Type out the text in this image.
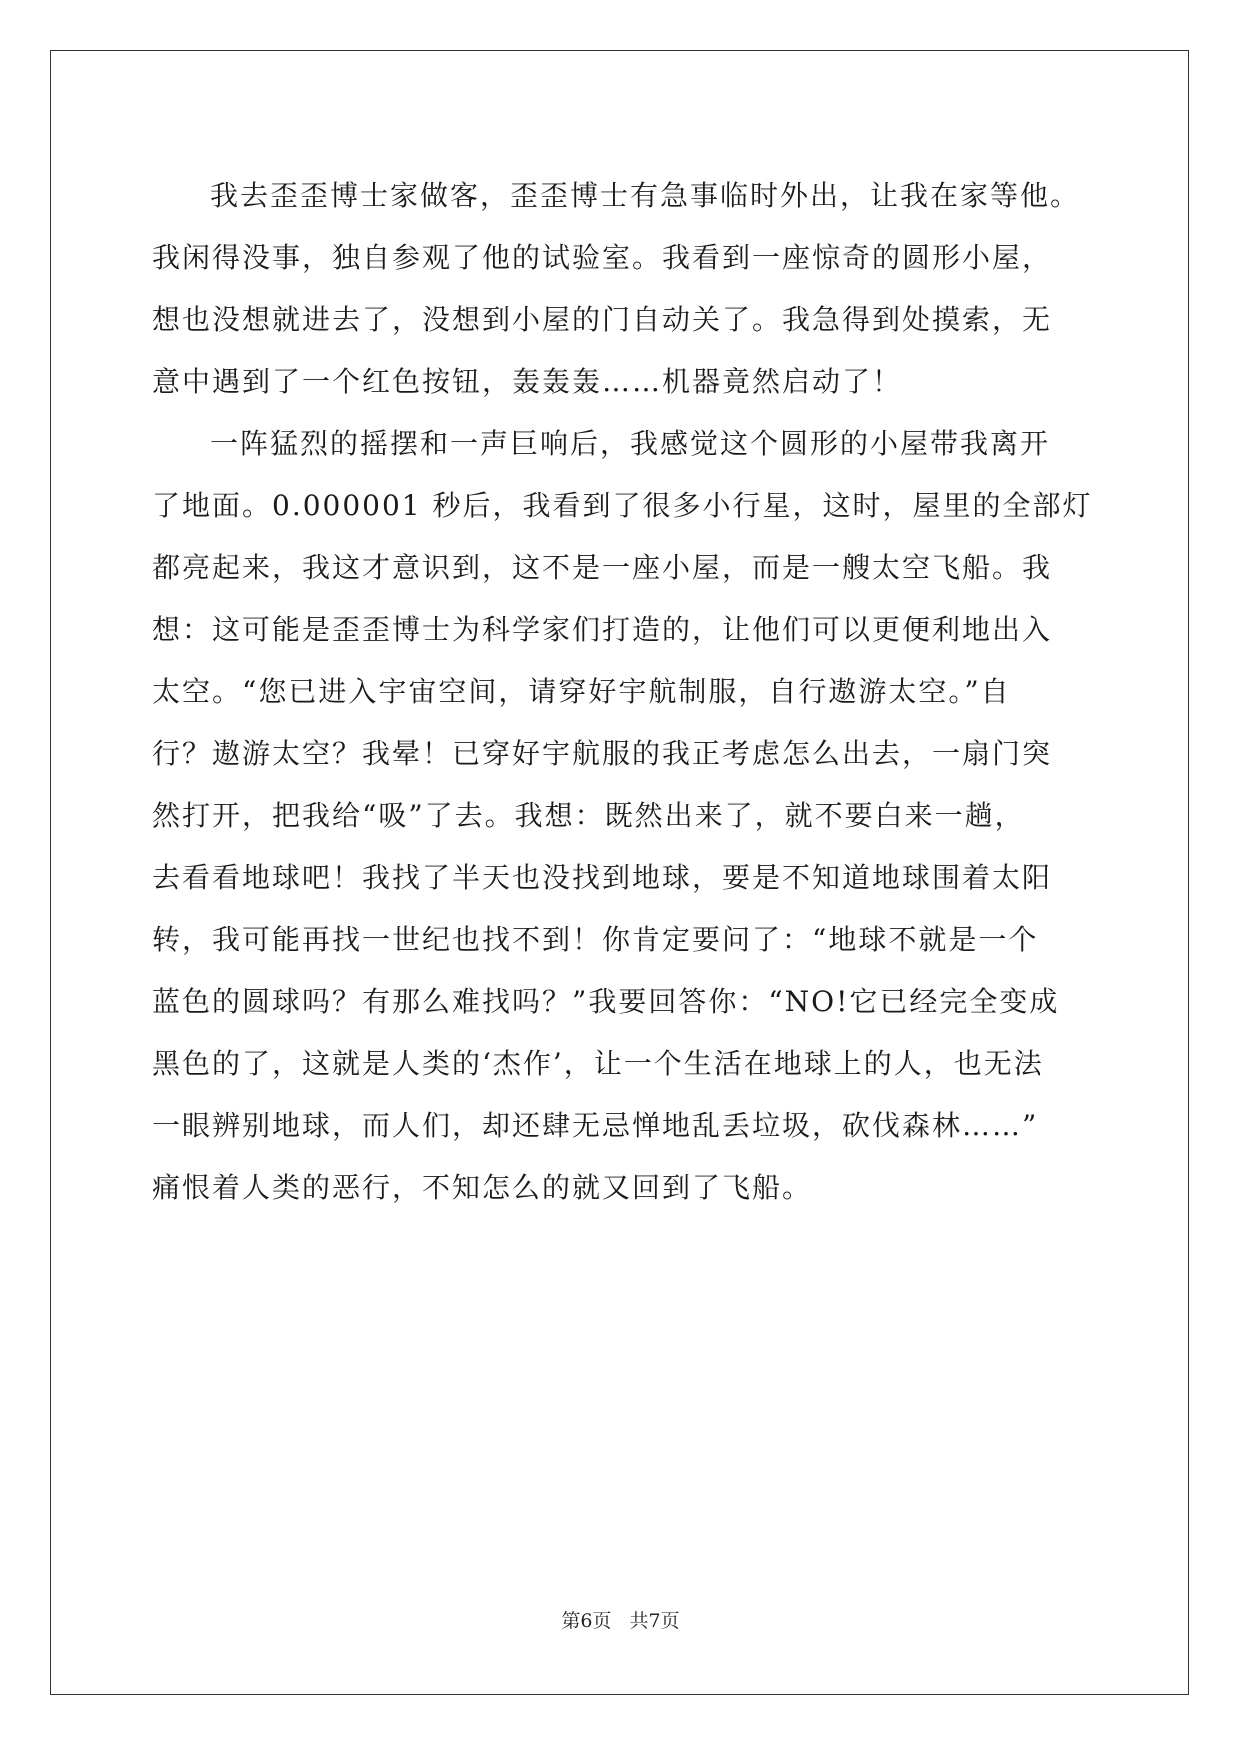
我去歪歪博士家做客，歪歪博士有急事临时外出，让我在家等他。
我闲得没事，独自参观了他的试验室。我看到一座惊奇的圆形小屋，
想也没想就进去了，没想到小屋的门自动关了。我急得到处摸索，无
意中遇到了一个红色按钮，轰轰轰……机器竟然启动了！
一阵猛烈的摇摆和一声巨响后，我感觉这个圆形的小屋带我离开
了地面。0.000001 秒后，我看到了很多小行星，这时，屋里的全部灯
都亮起来，我这才意识到，这不是一座小屋，而是一艘太空飞船。我
想：这可能是歪歪博士为科学家们打造的，让他们可以更便利地出入
太空。“您已进入宇宙空间，请穿好宇航制服，自行遨游太空。”自
行？遨游太空？我晕！已穿好宇航服的我正考虑怎么出去，一扇门突
然打开，把我给“吸”了去。我想：既然出来了，就不要白来一趟，
去看看地球吧！我找了半天也没找到地球，要是不知道地球围着太阳
转，我可能再找一世纪也找不到！你肯定要问了：“地球不就是一个
蓝色的圆球吗？有那么难找吗？”我要回答你：“NO!它已经完全变成
黑色的了，这就是人类的‘杰作’，让一个生活在地球上的人，也无法
一眼辨别地球，而人们，却还肆无忌惮地乱丢垃圾，砍伐森林……”
痛恨着人类的恶行，不知怎么的就又回到了飞船。
第6页 共7页
